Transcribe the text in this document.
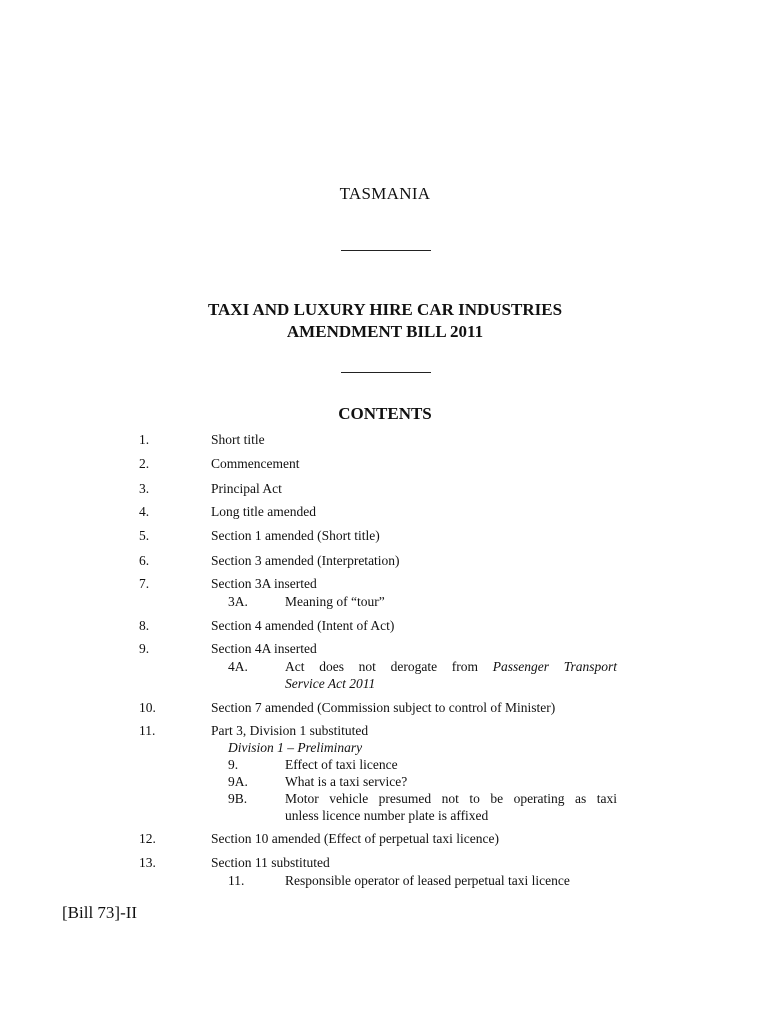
TASMANIA
TAXI AND LUXURY HIRE CAR INDUSTRIES
AMENDMENT BILL 2011
CONTENTS
1.	Short title
2.	Commencement
3.	Principal Act
4.	Long title amended
5.	Section 1 amended (Short title)
6.	Section 3 amended (Interpretation)
7.	Section 3A inserted
3A.	Meaning of “tour”
8.	Section 4 amended (Intent of Act)
9.	Section 4A inserted
4A.	Act does not derogate from Passenger Transport
Service Act 2011
10.	Section 7 amended (Commission subject to control of Minister)
11.	Part 3, Division 1 substituted
Division 1 – Preliminary
9.	Effect of taxi licence
9A.	What is a taxi service?
9B.	Motor vehicle presumed not to be operating as taxi
unless licence number plate is affixed
12.	Section 10 amended (Effect of perpetual taxi licence)
13.	Section 11 substituted
11.	Responsible operator of leased perpetual taxi licence
[Bill 73]-II
